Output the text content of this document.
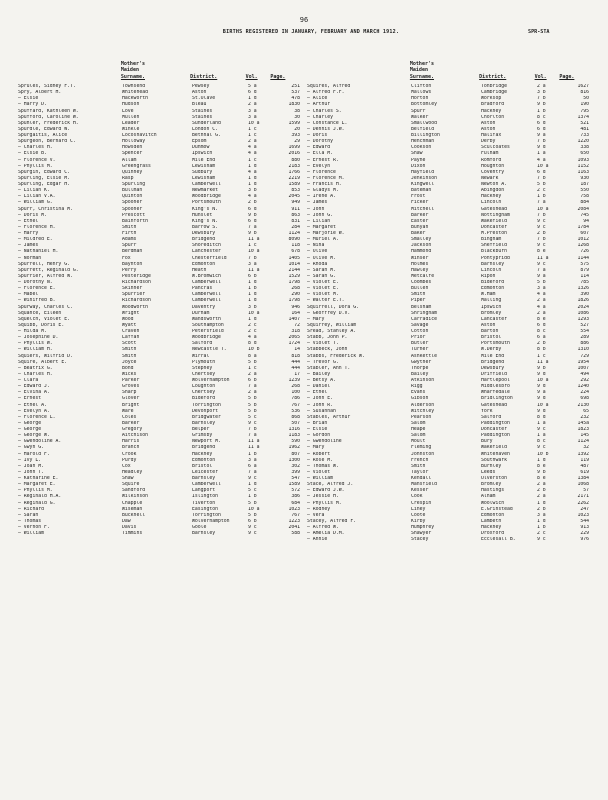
96
BIRTHS REGISTERED IN JANUARY, FEBRUARY AND MARCH 1912.	SPR-STA
Mother's
Maiden
Surname.	District.	Vol.	Page.
Sprules, Sidney F.T.	Townsend	Pewsey	5 a	251
Spry, Albert H.	Whitehead	Aston	6 d	537
— Elsie	Hackworth	St.Olave	1 d	478
— Harry D.	Hudson	Bleau	2 a	1830
Spuffard, Kathleen W.	Love	Staines	3 a	38
Spufford, Caroline W.	Mullen	Staines	3 a	30
Spuhler, Frederick H.	Leader	Sunderland	10 a	1599
Spurdle, Edward W.	Winkle	London C.	1 c	20
Spurgaitis, Alice	Locoshavitch	Bethnal G.	1 c	393
Spurgeon, Bernard C.	Holloway	Epsom	2 a	29
— Charles H.	Howsden	Dunmow	4 a	1699
— Elsie B.	Spencer	Ipswich	4 a	2016
— Florence V.	Allam	Mile End	1 c	880
— Phyllis M.	Greengrass	Lewisham	1 d	2183
Spurgin, Edward C.	Quinney	Sudbury	4 a	1766
Spurling, Elsie M.	Rasp	Lewisham	1 d	2219
Spurling, Edgar H.	Spurling	Camberwell	1 d	1589
— Lilian K.	Bullman	Newmarket	3 b	853
— Lilian V.A.	Quinton	Woodbridge	4 a	2045
— William G.	Spooner	Portsmouth	2 b	949
Spurr, Christina M.	Spooner	King's N.	6 d	911
— Doris M.	Prescott	Hunslet	9 b	863
— Ethel	Bainforth	King's N.	6 d	831
— Florence H.	Smith	Barrow S.	7 a	284
— Harry	Firth	Dewsbury	9 b	1124
— Mildred E.	Adams	Bridgend	11 a	8090
— James	Spurr	Shoreditch	1 c	118
— Nathaniel H.	Berdman	Lanchester	10 a	678
— Norman	Fox	Chesterfield	7 b	1405
Spurrell, Henry G.	Baynton	Edmonton	3 a	1014
Spurrett, Reginald G.	Perry	Heath	11 a	2144
Spurrier, Alfred W.	Pesteridge	W.Bromwich	6 b	1529
— Dorothy N.	Richardson	Camberwell	1 d	1798
— Florence E.	Skinner	Pancras	1 b	268
— Mabel	Spurrier	Camberwell	1 d	290
— Winifred B.	Richardson	Camberwell	1 d	1798
Spurway, Charles C.	Woodworth	Daventry	3 b	946
Squance, Eileen	Wright	Durham	10 a	164
Squelch, Violet E.	Wood	Wandsworth	1 d	1407
Squibb, Doris E.	Wyatt	Southampton	2 c	72
— Hilda M.	Craven	Petersfield	2 c	318
— Josephine D.	Laffan	Woodbridge	4 a	2065
— Phyllis W.	Scott	Salford	8 d	1724
— William H.	Smith	Newcastle T.	10 b	14
Squiers, Wilfrid D.	Smith	Wirral	8 a	818
Squire, Albert E.	Joyce	Plymouth	5 b	444
— Beatrix G.	Bond	Stepney	1 c	444
— Charles H.	Wicks	Chertsey	2 a	17
— Clara	Parker	Wolverhampton	6 b	1239
— Edward J.	Groves	Loughton	7 a	268
— Elvina A.	Sharp	Chertsey	2 a	100
— Ernest	Glover	Bideford	5 b	786
— Ethel A.	Bright	Torrington	5 b	767
— Evelyn A.	Ware	Devonport	5 b	536
— Florence L.	Coles	Bridgwater	5 c	868
— George	Barker	Barnsley	9 c	507
— George	Gregory	Belper	7 b	1316
— George W.	Aitchison	Grimsby	7 a	1183
— Gwendoline A.	Harris	Newport M.	11 a	590
— Gwyn G.	Branch	Bridgend	11 a	1962
— Harold F.	Crook	Hackney	1 b	807
— Ivy L.	Purdy	Edmonton	3 a	1300
— Joan M.	Cox	Bristol	6 a	302
— John T.	Headley	Leicester	7 a	399
— Katharine E.	Shaw	Barnsley	9 c	547
— Margaret E.	Squire	Camberwell	1 d	1589
— Phyllis M.	Sandford	Langport	5 c	572
— Reginald H.A.	Wilkinson	Islington	1 b	386
— Reginald G.	Chapple	Tiverton	5 b	684
— Richard	Wiseman	Easington	10 a	1023
— Sarah	Bucknell	Torrington	5 b	767
— Thomas	Daw	Wolverhampton	6 b	1223
— Vernon F.	Davis	Goole	9 c	2041
— William	Timmins	Barnsley	9 c	588
Mother's
Maiden
Surname.	District.	Vol.	Page.
Squires, Alfred	Clifton	Tonbridge	2 a	1627
— Alfred F.F.	Mallows	Cambridge	3 b	816
— Alice	Horton	Worksop	7 b	50
— Arthur	Bottomley	Bradford	9 b	190
— Charles S.	Spurr	Hackney	1 b	795
— Charley	Walker	Chorlton	8 c	1374
— Constance L.	Smallwood	Aston	6 d	521
— Dennis J.W.	Belfield	Aston	6 d	481
— Doris	Billington	Halifax	9 a	733
— Dorothy	Henchman	Derby	7 b	1220
— Edward	Cookson	Sculcoates	9 d	338
— Ella M.	Shaw	Fulham	1 a	650
— Ernest R.	Payne	Romford	4 a	1093
— Evelyn	Dixon	Houghton	10 a	1152
— Florence	Hayfield	Coventry	6 d	1163
— Florence M.	Jenkinson	Newark	7 b	930
— Francis H.	Kingwell	Newton A.	5 b	187
— Gladys M.	Bateman	Abingdon	2 c	550
— Irene A.	Frost	Hackney	1 b	758
— James	Ficker	Lincoln	7 a	884
— John	Mitchell	Gateshead	10 a	2084
— John G.	Barker	Nottingham	7 b	745
— Lilian	Easter	Wakefield	9 c	94
— Margaret	Bunyan	Doncaster	9 c	1784
— Marjorie W.	Baker	M.Preston	2 b	607
— Muriel A.	Smalley	Bingham	7 b	1012
— Nina	Jackson	Sheffield	9 c	1268
— Olive	Hammond	Blackburn	8 e	726
— Olive M.	Winser	Pontypridd	11 a	1144
— Rhoda	Holmes	Barnsley	9 c	575
— Sarah M.	Hawley	Lincoln	7 a	879
— Sarah G.	Metcalfe	Ripon	9 a	114
— Violet E.	Coombes	Bideford	5 b	785
— Violet E.	Bullen	Edmonton	3 a	1326
— Violet M.	Smith	W.Ham	4 a	390
— Walter E.T.	Piper	Malling	2 a	1826
Squirrell, Dora G.	Belsham	Ipswich	4 a	2024
— Geoffrey D.V.	Shringham	Bromley	2 a	1086
— Mary	Carradice	Lancaster	8 e	1293
Squirrey, William	Savage	Aston	6 d	527
Sread, Stanley A.	Cotton	Barton	8 c	554
Stabb, John P.	Prior	Bristol	6 a	289
— Violet T.	Butler	Portsmouth	2 b	886
Stabbeck, John	Turner	W.Derby	8 b	1310
Stabbs, Frederick W.	Ashkettle	Mile End	1 c	729
— Trevor G.	Gwyther	Bridgend	11 a	1954
Stabler, Ann T.	Thorpe	Dewsbury	9 b	1007
— Bailey	Bailey	Driffield	9 d	494
— Betsy A.	Atkinson	Hartlepool	10 a	292
— Daniel	Rigg	Middlesbro	9 d	1240
— Ethel	Evans	Wharfedale	9 a	224
— John E.	Gibson	Bridlington	9 d	698
— John R.	Alderson	Gateshead	10 a	2130
— Susannah	Witchley	York	9 d	65
Stables, Arthur	Pearson	Salford	8 d	232
— Brian	Salom	Paddington	1 a	145a
— Elsie	Heape	Doncaster	9 c	1823
— Gordon	Salom	Paddington	1 a	145
— Gwendoline	Moult	Bury	8 c	1124
— Mary	Fleming	Wakefield	9 c	32
— Robert	Johnston	Whitehaven	10 b	1392
— Rose M.	French	Southwark	1 d	119
— Thomas W.	Smith	Burnley	8 e	487
— Violet	Taylor	Leeds	9 b	619
— William	Kendall	Ulverston	8 e	1384
Stace, Alfred J.	Mansfield	Bromley	2 a	1068
— Edward J.W.	Kesser	Hastings	2 b	57
— Jessie H.	Cook	Alham	2 a	2171
— Phyllis M.	Crespin	Woolwich	1 d	2262
— Rodney	Liney	E.Grinstead	2 b	247
— Vera	Coote	Edmonton	3 a	1023
Stacey, Alfred F.	Kirby	Lambeth	1 d	544
— Alfred W.	Humphrey	Hackney	1 b	913
— Amelia D.M.	Shawyer	Droxford	2 c	229
— Annie	Stacey	Ecclesall B.	9 c	976
